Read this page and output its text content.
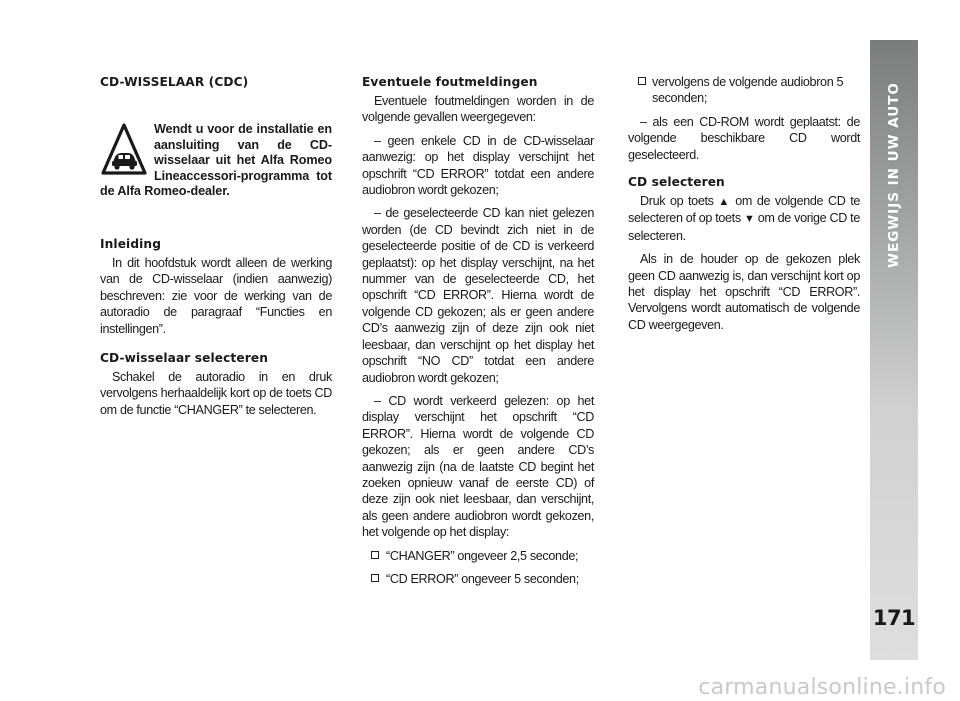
CD-WISSELAAR (CDC)
Wendt u voor de installatie en aansluiting van de CD-wisselaar uit het Alfa Romeo Lineaccessori-programma tot de Alfa Romeo-dealer.
Inleiding

In dit hoofdstuk wordt alleen de werking van de CD-wisselaar (indien aanwezig) beschreven: zie voor de werking van de autoradio de paragraaf “Functies en instellingen”.

CD-wisselaar selecteren

Schakel de autoradio in en druk vervolgens herhaaldelijk kort op de toets CD om de functie “CHANGER” te selecteren.

Eventuele foutmeldingen

Eventuele foutmeldingen worden in de volgende gevallen weergegeven:

– geen enkele CD in de CD-wisselaar aanwezig: op het display verschijnt het opschrift “CD ERROR” totdat een andere audiobron wordt gekozen;

– de geselecteerde CD kan niet gelezen worden (de CD bevindt zich niet in de geselecteerde positie of de CD is verkeerd geplaatst): op het display verschijnt, na het nummer van de geselecteerde CD, het opschrift “CD ERROR”. Hierna wordt de volgende CD gekozen; als er geen andere CD’s aanwezig zijn of deze zijn ook niet leesbaar, dan verschijnt op het display het opschrift “NO CD” totdat een andere audiobron wordt gekozen;

– CD wordt verkeerd gelezen: op het display verschijnt het opschrift “CD ERROR”. Hierna wordt de volgende CD gekozen; als er geen andere CD’s aanwezig zijn (na de laatste CD begint het zoeken opnieuw vanaf de eerste CD) of deze zijn ook niet leesbaar, dan verschijnt, als geen andere audiobron wordt gekozen, het volgende op het display:

“CHANGER” ongeveer 2,5 seconde;
“CD ERROR” ongeveer 5 seconden;
vervolgens de volgende audiobron 5 seconden;

– als een CD-ROM wordt geplaatst: de volgende beschikbare CD wordt geselecteerd.

CD selecteren

Druk op toets ▲ om de volgende CD te selecteren of op toets ▼ om de vorige CD te selecteren.

Als in de houder op de gekozen plek geen CD aanwezig is, dan verschijnt kort op het display het opschrift “CD ERROR”. Vervolgens wordt automatisch de volgende CD weergegeven.

WEGWIJS IN UW AUTO
171
carmanualsonline.info
